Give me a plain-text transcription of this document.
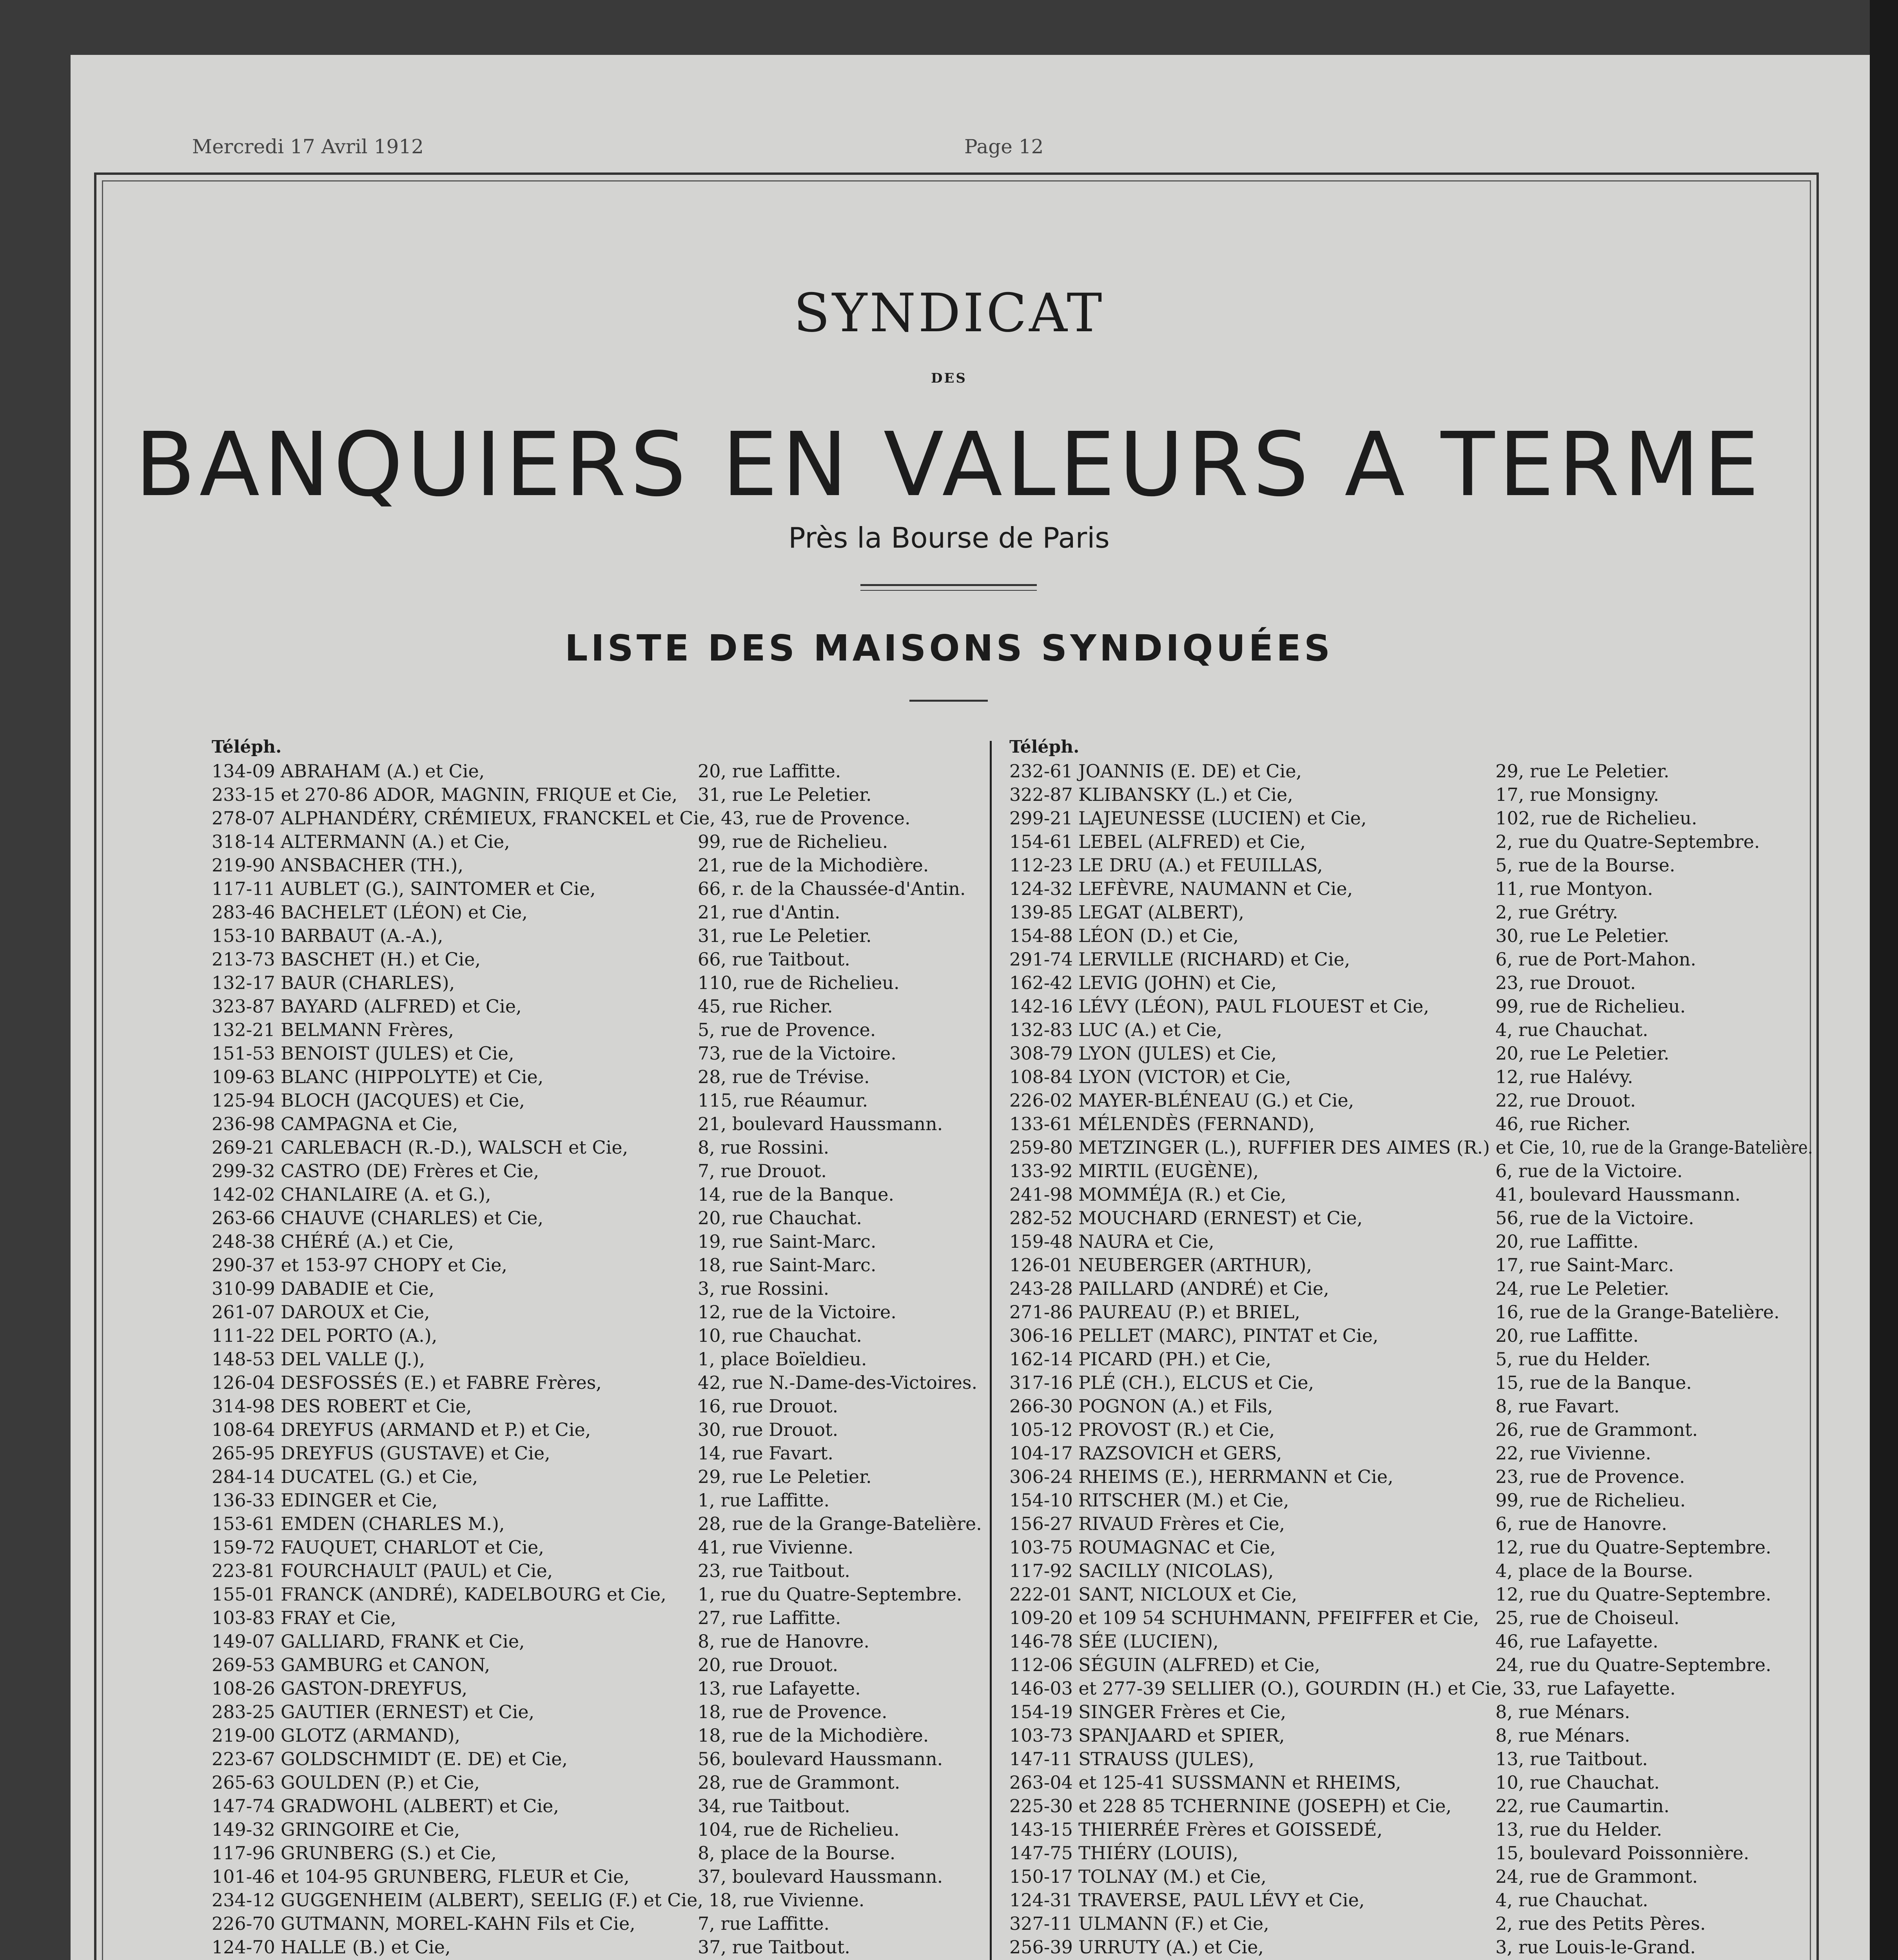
Mercredi 17 Avril 1912	Page 12
SYNDICAT
DES
BANQUIERS EN VALEURS A TERME
Près la Bourse de Paris
LISTE DES MAISONS SYNDIQUÉES
Téléph.
134-09 ABRAHAM (A.) et Cie,	20, rue Laffitte.
233-15 et 270-86 ADOR, MAGNIN, FRIQUE et Cie, 31, rue Le Peletier.
278-07 ALPHANDÉRY, CRÉMIEUX, FRANCKEL et Cie, 43, rue de Provence.
318-14 ALTERMANN (A.) et Cie,	99, rue de Richelieu.
219-90 ANSBACHER (TH.),	21, rue de la Michodière.
117-11 AUBLET (G.), SAINTOMER et Cie,	66, r. de la Chaussée-d'Antin.
283-46 BACHELET (LÉON) et Cie,	21, rue d'Antin.
153-10 BARBAUT (A.-A.),	31, rue Le Peletier.
213-73 BASCHET (H.) et Cie,	66, rue Taitbout.
132-17 BAUR (CHARLES),	110, rue de Richelieu.
323-87 BAYARD (ALFRED) et Cie,	45, rue Richer.
132-21 BELMANN Frères,	5, rue de Provence.
151-53 BENOIST (JULES) et Cie,	73, rue de la Victoire.
109-63 BLANC (HIPPOLYTE) et Cie,	28, rue de Trévise.
125-94 BLOCH (JACQUES) et Cie,	115, rue Réaumur.
236-98 CAMPAGNA et Cie,	21, boulevard Haussmann.
269-21 CARLEBACH (R.-D.), WALSCH et Cie,	8, rue Rossini.
299-32 CASTRO (DE) Frères et Cie,	7, rue Drouot.
142-02 CHANLAIRE (A. et G.),	14, rue de la Banque.
263-66 CHAUVE (CHARLES) et Cie,	20, rue Chauchat.
248-38 CHÉRÉ (A.) et Cie,	19, rue Saint-Marc.
290-37 et 153-97 CHOPY et Cie,	18, rue Saint-Marc.
310-99 DABADIE et Cie,	3, rue Rossini.
261-07 DAROUX et Cie,	12, rue de la Victoire.
111-22 DEL PORTO (A.),	10, rue Chauchat.
148-53 DEL VALLE (J.),	1, place Boïeldieu.
126-04 DESFOSSÉS (E.) et FABRE Frères,	42, rue N.-Dame-des-Victoires.
314-98 DES ROBERT et Cie,	16, rue Drouot.
108-64 DREYFUS (ARMAND et P.) et Cie,	30, rue Drouot.
265-95 DREYFUS (GUSTAVE) et Cie,	14, rue Favart.
284-14 DUCATEL (G.) et Cie,	29, rue Le Peletier.
136-33 EDINGER et Cie,	1, rue Laffitte.
153-61 EMDEN (CHARLES M.),	28, rue de la Grange-Batelière.
159-72 FAUQUET, CHARLOT et Cie,	41, rue Vivienne.
223-81 FOURCHAULT (PAUL) et Cie,	23, rue Taitbout.
155-01 FRANCK (ANDRÉ), KADELBOURG et Cie, 1, rue du Quatre-Septembre.
103-83 FRAY et Cie,	27, rue Laffitte.
149-07 GALLIARD, FRANK et Cie,	8, rue de Hanovre.
269-53 GAMBURG et CANON,	20, rue Drouot.
108-26 GASTON-DREYFUS,	13, rue Lafayette.
283-25 GAUTIER (ERNEST) et Cie,	18, rue de Provence.
219-00 GLOTZ (ARMAND),	18, rue de la Michodière.
223-67 GOLDSCHMIDT (E. DE) et Cie,	56, boulevard Haussmann.
265-63 GOULDEN (P.) et Cie,	28, rue de Grammont.
147-74 GRADWOHL (ALBERT) et Cie,	34, rue Taitbout.
149-32 GRINGOIRE et Cie,	104, rue de Richelieu.
117-96 GRUNBERG (S.) et Cie,	8, place de la Bourse.
101-46 et 104-95 GRUNBERG, FLEUR et Cie,	37, boulevard Haussmann.
234-12 GUGGENHEIM (ALBERT), SEELIG (F.) et Cie, 18, rue Vivienne.
226-70 GUTMANN, MOREL-KAHN Fils et Cie,	7, rue Laffitte.
124-70 HALLE (B.) et Cie,	37, rue Taitbout.
Téléph.
232-61 JOANNIS (E. DE) et Cie,	29, rue Le Peletier.
322-87 KLIBANSKY (L.) et Cie,	17, rue Monsigny.
299-21 LAJEUNESSE (LUCIEN) et Cie,	102, rue de Richelieu.
154-61 LEBEL (ALFRED) et Cie,	2, rue du Quatre-Septembre.
112-23 LE DRU (A.) et FEUILLAS,	5, rue de la Bourse.
124-32 LEFÈVRE, NAUMANN et Cie,	11, rue Montyon.
139-85 LEGAT (ALBERT),	2, rue Grétry.
154-88 LÉON (D.) et Cie,	30, rue Le Peletier.
291-74 LERVILLE (RICHARD) et Cie,	6, rue de Port-Mahon.
162-42 LEVIG (JOHN) et Cie,	23, rue Drouot.
142-16 LÉVY (LÉON), PAUL FLOUEST et Cie,	99, rue de Richelieu.
132-83 LUC (A.) et Cie,	4, rue Chauchat.
308-79 LYON (JULES) et Cie,	20, rue Le Peletier.
108-84 LYON (VICTOR) et Cie,	12, rue Halévy.
226-02 MAYER-BLÉNEAU (G.) et Cie,	22, rue Drouot.
133-61 MÉLENDÈS (FERNAND),	46, rue Richer.
259-80 METZINGER (L.), RUFFIER DES AIMES (R.) et Cie, 10, rue de la Grange-Batelière.
133-92 MIRTIL (EUGÈNE),	6, rue de la Victoire.
241-98 MOMMÉJA (R.) et Cie,	41, boulevard Haussmann.
282-52 MOUCHARD (ERNEST) et Cie,	56, rue de la Victoire.
159-48 NAURA et Cie,	20, rue Laffitte.
126-01 NEUBERGER (ARTHUR),	17, rue Saint-Marc.
243-28 PAILLARD (ANDRÉ) et Cie,	24, rue Le Peletier.
271-86 PAUREAU (P.) et BRIEL,	16, rue de la Grange-Batelière.
306-16 PELLET (MARC), PINTAT et Cie,	20, rue Laffitte.
162-14 PICARD (PH.) et Cie,	5, rue du Helder.
317-16 PLÉ (CH.), ELCUS et Cie,	15, rue de la Banque.
266-30 POGNON (A.) et Fils,	8, rue Favart.
105-12 PROVOST (R.) et Cie,	26, rue de Grammont.
104-17 RAZSOVICH et GERS,	22, rue Vivienne.
306-24 RHEIMS (E.), HERRMANN et Cie,	23, rue de Provence.
154-10 RITSCHER (M.) et Cie,	99, rue de Richelieu.
156-27 RIVAUD Frères et Cie,	6, rue de Hanovre.
103-75 ROUMAGNAC et Cie,	12, rue du Quatre-Septembre.
117-92 SACILLY (NICOLAS),	4, place de la Bourse.
222-01 SANT, NICLOUX et Cie,	12, rue du Quatre-Septembre.
109-20 et 109 54 SCHUHMANN, PFEIFFER et Cie, 25, rue de Choiseul.
146-78 SÉE (LUCIEN),	46, rue Lafayette.
112-06 SÉGUIN (ALFRED) et Cie,	24, rue du Quatre-Septembre.
146-03 et 277-39 SELLIER (O.), GOURDIN (H.) et Cie, 33, rue Lafayette.
154-19 SINGER Frères et Cie,	8, rue Ménars.
103-73 SPANJAARD et SPIER,	8, rue Ménars.
147-11 STRAUSS (JULES),	13, rue Taitbout.
263-04 et 125-41 SUSSMANN et RHEIMS,	10, rue Chauchat.
225-30 et 228 85 TCHERNINE (JOSEPH) et Cie, 22, rue Caumartin.
143-15 THIERRÉE Frères et GOISSEDÉ,	13, rue du Helder.
147-75 THIÉRY (LOUIS),	15, boulevard Poissonnière.
150-17 TOLNAY (M.) et Cie,	24, rue de Grammont.
124-31 TRAVERSE, PAUL LÉVY et Cie,	4, rue Chauchat.
327-11 ULMANN (F.) et Cie,	2, rue des Petits Pères.
256-39 URRUTY (A.) et Cie,	3, rue Louis-le-Grand.
